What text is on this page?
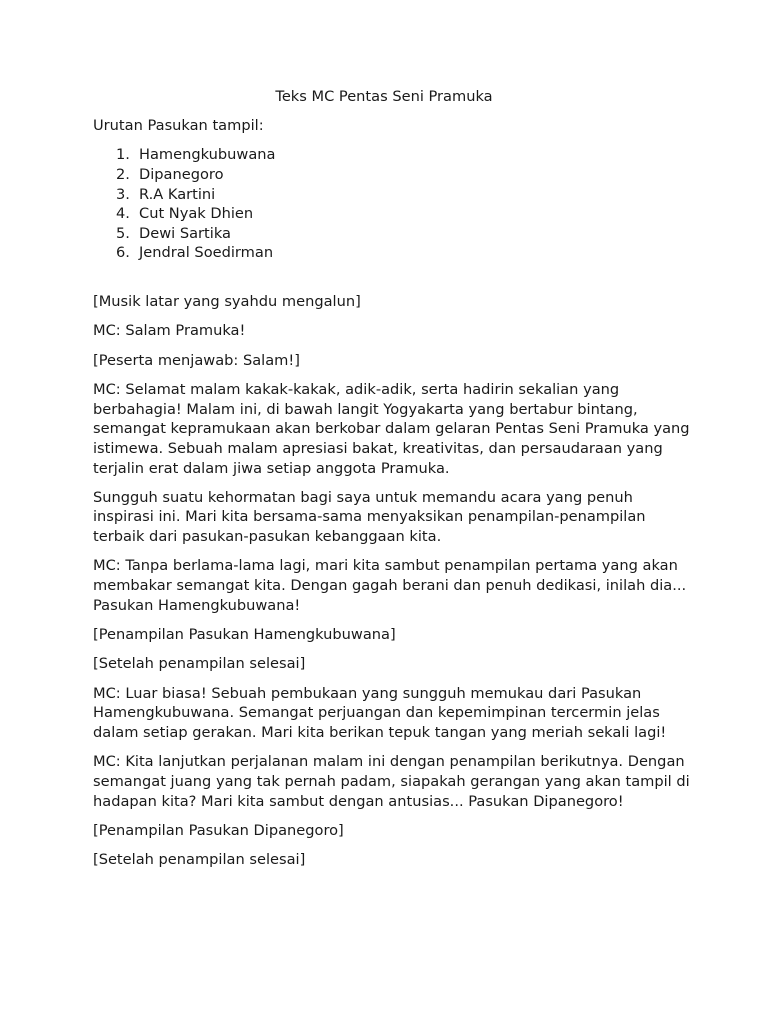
Teks MC Pentas Seni Pramuka

Urutan Pasukan tampil:

1. Hamengkubuwana
2. Dipanegoro
3. R.A Kartini
4. Cut Nyak Dhien
5. Dewi Sartika
6. Jendral Soedirman

[Musik latar yang syahdu mengalun]

MC: Salam Pramuka!

[Peserta menjawab: Salam!]

MC: Selamat malam kakak-kakak, adik-adik, serta hadirin sekalian yang berbahagia! Malam ini, di bawah langit Yogyakarta yang bertabur bintang, semangat kepramukaan akan berkobar dalam gelaran Pentas Seni Pramuka yang istimewa. Sebuah malam apresiasi bakat, kreativitas, dan persaudaraan yang terjalin erat dalam jiwa setiap anggota Pramuka.

Sungguh suatu kehormatan bagi saya untuk memandu acara yang penuh inspirasi ini. Mari kita bersama-sama menyaksikan penampilan-penampilan terbaik dari pasukan-pasukan kebanggaan kita.

MC: Tanpa berlama-lama lagi, mari kita sambut penampilan pertama yang akan membakar semangat kita. Dengan gagah berani dan penuh dedikasi, inilah dia... Pasukan Hamengkubuwana!

[Penampilan Pasukan Hamengkubuwana]

[Setelah penampilan selesai]

MC: Luar biasa! Sebuah pembukaan yang sungguh memukau dari Pasukan Hamengkubuwana. Semangat perjuangan dan kepemimpinan tercermin jelas dalam setiap gerakan. Mari kita berikan tepuk tangan yang meriah sekali lagi!

MC: Kita lanjutkan perjalanan malam ini dengan penampilan berikutnya. Dengan semangat juang yang tak pernah padam, siapakah gerangan yang akan tampil di hadapan kita? Mari kita sambut dengan antusias... Pasukan Dipanegoro!

[Penampilan Pasukan Dipanegoro]

[Setelah penampilan selesai]
